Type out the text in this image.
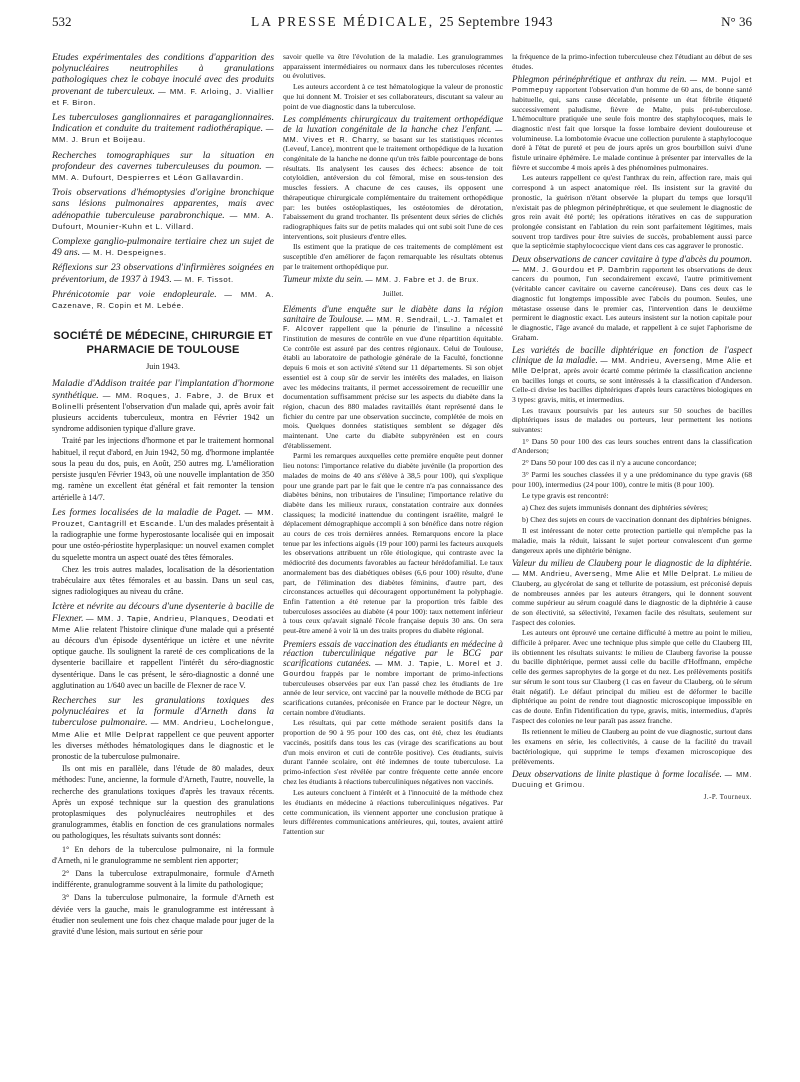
532	LA PRESSE MÉDICALE, 25 Septembre 1943	N° 36

Etudes expérimentales des conditions d'apparition des polynucléaires neutrophiles à granulations pathologiques chez le cobaye inoculé avec des produits provenant de tuberculeux. — MM. F. Arloing, J. Viallier et F. Biron.

Les tuberculoses ganglionnaires et paraganglionnaires. Indication et conduite du traitement radiothérapique. — MM. J. Brun et Boijeau.

Recherches tomographiques sur la situation en profondeur des cavernes tuberculeuses du poumon. — MM. A. Dufourt, Despierres et Léon Gallavardin.

Trois observations d'hémoptysies d'origine bronchique sans lésions pulmonaires apparentes, mais avec adénopathie tuberculeuse parabronchique. — MM. A. Dufourt, Mounier-Kuhn et L. Villard.

Complexe ganglio-pulmonaire tertiaire chez un sujet de 49 ans. — M. H. Despeignes.

Réflexions sur 23 observations d'infirmières soignées en préventorium, de 1937 à 1943. — M. F. Tissot.

Phrénicotomie par voie endopleurale. — MM. A. Cazenave, R. Copin et M. Lebée.

SOCIÉTÉ DE MÉDECINE, CHIRURGIE ET PHARMACIE DE TOULOUSE

Juin 1943.

Maladie d'Addison traitée par l'implantation d'hormone synthétique. — MM. Roques, J. Fabre, J. de Brux et Bolinelli présentent l'observation d'un malade qui, après avoir fait plusieurs accidents tuberculeux, montra en Février 1942 un syndrome addisonien typique d'allure grave.

Traité par les injections d'hormone et par le traitement hormonal habituel, il reçut d'abord, en Juin 1942, 50 mg. d'hormone implantée sous la peau du dos, puis, en Août, 250 autres mg. L'amélioration persiste jusqu'en Février 1943, où une nouvelle implantation de 350 mg. ramène un excellent état général et fait remonter la tension artérielle à 14/7.

Les formes localisées de la maladie de Paget. — MM. Prouzet, Cantagrill et Escande. L'un des malades présentait à la radiographie une forme hyperostosante localisée qui en imposait pour une ostéo-périostite hyperplasique: un nouvel examen complet du squelette montra un aspect ouaté des têtes fémorales.

Chez les trois autres malades, localisation de la désorientation trabéculaire aux têtes fémorales et au bassin. Dans un seul cas, signes radiologiques au niveau du crâne.

Ictère et névrite au décours d'une dysenterie à bacille de Flexner. — MM. J. Tapie, Andrieu, Planques, Deodati et Mme Alie relatent l'histoire clinique d'une malade qui a présenté au décours d'un épisode dysentérique un ictère et une névrite optique gauche. Ils soulignent la rareté de ces complications de la dysenterie bacillaire et rappellent l'intérêt du séro-diagnostic dysentérique. Dans le cas présent, le séro-diagnostic a donné une agglutination au 1/640 avec un bacille de Flexner de race V.

Recherches sur les granulations toxiques des polynucléaires et la formule d'Arneth dans la tuberculose pulmonaire. — MM. Andrieu, Lochelongue, Mme Alie et Mlle Delprat rappellent ce que peuvent apporter les diverses méthodes hématologiques dans le diagnostic et le pronostic de la tuberculose pulmonaire.

Ils ont mis en parallèle, dans l'étude de 80 malades, deux méthodes: l'une, ancienne, la formule d'Arneth, l'autre, nouvelle, la recherche des granulations toxiques d'après les travaux récents. Après un exposé technique sur la question des granulations protoplasmiques des polynucléaires neutrophiles et des granulogrammes, établis en fonction de ces granulations normales ou pathologiques, les résultats suivants sont donnés:

1° En dehors de la tuberculose pulmonaire, ni la formule d'Arneth, ni le granulogramme ne semblent rien apporter;

2° Dans la tuberculose extrapulmonaire, formule d'Arneth indifférente, granulogramme souvent à la limite du pathologique;

3° Dans la tuberculose pulmonaire, la formule d'Arneth est déviée vers la gauche, mais le granulogramme est intéressant à étudier non seulement une fois chez chaque malade pour juger de la gravité d'une lésion, mais surtout en série pour

savoir quelle va être l'évolution de la maladie. Les granulogrammes apparaissent intermédiaires ou normaux dans les tuberculoses récentes ou évolutives.

Les auteurs accordent à ce test hématologique la valeur de pronostic que lui donnent M. Troisier et ses collaborateurs, discutant sa valeur au point de vue diagnostic dans la tuberculose.

Les compléments chirurgicaux du traitement orthopédique de la luxation congénitale de la hanche chez l'enfant. — MM. Vives et R. Charry, se basant sur les statistiques récentes (Leveuf, Lance), montrent que le traitement orthopédique de la luxation congénitale de la hanche ne donne qu'un très faible pourcentage de bons résultats. Ils analysent les causes des échecs: absence de toit cotyloïdien, antéversion du col fémoral, mise en sous-tension des muscles fessiers. A chacune de ces causes, ils opposent une thérapeutique chirurgicale complémentaire du traitement orthopédique par: les butées ostéoplastiques, les ostéotomies de dérotation, l'abaissement du grand trochanter. Ils présentent deux séries de clichés radiographiques faits sur de petits malades qui ont subi soit l'une de ces interventions, soit plusieurs d'entre elles.

Ils estiment que la pratique de ces traitements de complément est susceptible d'en améliorer de façon remarquable les résultats obtenus par le traitement orthopédique pur.

Tumeur mixte du sein. — MM. J. Fabre et J. de Brux.

Juillet.

Eléments d'une enquête sur le diabète dans la région sanitaire de Toulouse. — MM. R. Sendrail, L.-J. Tamalet et F. Alcover rappellent que la pénurie de l'insuline a nécessité l'institution de mesures de contrôle en vue d'une répartition équitable. Ce contrôle est assuré par des centres régionaux. Celui de Toulouse, établi au laboratoire de pathologie générale de la Faculté, fonctionne depuis 6 mois et son activité s'étend sur 11 départements. Si son objet essentiel est à coup sûr de servir les intérêts des malades, en liaison avec les médecins traitants, il permet accessoirement de recueillir une documentation suffisamment précise sur les aspects du diabète dans la région, chacun des 880 malades ravitaillés étant représenté dans le fichier du centre par une observation succincte, complétée de mois en mois. Quelques données statistiques semblent se dégager dès maintenant. Une carte du diabète subpyrénéen est en cours d'établissement.

Parmi les remarques auxquelles cette première enquête peut donner lieu notons: l'importance relative du diabète juvénile (la proportion des malades de moins de 40 ans s'élève à 38,5 pour 100), qui s'explique pour une grande part par le fait que le centre n'a pas connaissance des diabètes bénins, non tributaires de l'insuline; l'importance relative du diabète dans les milieux ruraux, constatation contraire aux données classiques; la modicité inattendue du contingent israélite, malgré le déplacement démographique accompli à son bénéfice dans notre région au cours de ces trois dernières années. Remarquons encore la place tenue par les infections aiguës (19 pour 100) parmi les facteurs auxquels les observations attribuent un rôle étiologique, qui contraste avec la médiocrité des documents favorables au facteur hérédofamilial. Le taux anormalement bas des diabétiques obèses (6,6 pour 100) résulte, d'une part, de l'élimination des diabètes féminins, d'autre part, des circonstances actuelles qui découragent opportunément la polyphagie. Enfin l'attention a été retenue par la proportion très faible des tuberculoses associées au diabète (4 pour 100): taux nettement inférieur à tous ceux qu'avait signalé l'école française depuis 30 ans. On sera peut-être amené à voir là un des traits propres du diabète régional.

Premiers essais de vaccination des étudiants en médecine à réaction tuberculinique négative par le BCG par scarifications cutanées. — MM. J. Tapie, L. Morel et J. Gourdou frappés par le nombre important de primo-infections tuberculeuses observées par eux l'an passé chez les étudiants de 1re année de leur service, ont vacciné par la nouvelle méthode de BCG par scarifications cutanées, préconisée en France par le docteur Nègre, un certain nombre d'étudiants.

Les résultats, qui par cette méthode seraient positifs dans la proportion de 90 à 95 pour 100 des cas, ont été, chez les étudiants vaccinés, positifs dans tous les cas (virage des scarifications au bout d'un mois environ et cuti de contrôle positive). Ces étudiants, suivis durant l'année scolaire, ont été indemnes de toute tuberculose. La primo-infection s'est révélée par contre fréquente cette année encore chez les étudiants à réactions tuberculiniques négatives non vaccinés.

Les auteurs concluent à l'intérêt et à l'innocuité de la méthode chez les étudiants en médecine à réactions tuberculiniques négatives. Par cette communication, ils viennent apporter une conclusion pratique à leurs différentes communications antérieures, qui, toutes, avaient attiré l'attention sur

la fréquence de la primo-infection tuberculeuse chez l'étudiant au début de ses études.

Phlegmon périnéphrétique et anthrax du rein. — MM. Pujol et Pommepuy rapportent l'observation d'un homme de 60 ans, de bonne santé habituelle, qui, sans cause décelable, présente un état fébrile étiqueté successivement paludisme, fièvre de Malte, puis pré-tuberculose. L'hémoculture pratiquée une seule fois montre des staphylocoques, mais le diagnostic n'est fait que lorsque la fosse lombaire devient douloureuse et volumineuse. La lombotomie évacue une collection purulente à staphylocoque doré à l'état de pureté et peu de jours après un gros bourbillon suivi d'une fistule urinaire éphémère. Le malade continue à présenter par intervalles de la fièvre et succombe 4 mois après à des phénomènes pulmonaires.

Les auteurs rappellent ce qu'est l'anthrax du rein, affection rare, mais qui correspond à un aspect anatomique réel. Ils insistent sur la gravité du pronostic, la guérison n'étant observée la plupart du temps que lorsqu'il n'existait pas de phlegmon périnéphrétique, et que seulement le diagnostic de gros rein avait été porté; les opérations itératives en cas de suppuration prolongée consistant en l'ablation du rein sont parfaitement légitimes, mais souvent trop tardives pour être suivies de succès, probablement aussi parce que la septicémie staphylococcique vient dans ces cas aggraver le pronostic.

Deux observations de cancer cavitaire à type d'abcès du poumon. — MM. J. Gourdou et P. Dambrin rapportent les observations de deux cancers du poumon, l'un secondairement excavé, l'autre primitivement (véritable cancer cavitaire ou caverne cancéreuse). Dans ces deux cas le diagnostic fut longtemps impossible avec l'abcès du poumon. Seules, une métastase osseuse dans le premier cas, l'intervention dans le deuxième permirent le diagnostic exact. Les auteurs insistent sur la notion capitale pour le diagnostic, l'âge avancé du malade, et rappellent à ce sujet l'aphorisme de Graham.

Les variétés de bacille diphtérique en fonction de l'aspect clinique de la maladie. — MM. Andrieu, Averseng, Mme Alie et Mlle Delprat, après avoir écarté comme périmée la classification ancienne en bacilles longs et courts, se sont intéressés à la classification d'Anderson. Celle-ci divise les bacilles diphtériques d'après leurs caractères biologiques en 3 types: gravis, mitis, et intermedius.

Les travaux poursuivis par les auteurs sur 50 souches de bacilles diphtériques issus de malades ou porteurs, leur permettent les notions suivantes:

1° Dans 50 pour 100 des cas leurs souches entrent dans la classification d'Anderson;

2° Dans 50 pour 100 des cas il n'y a aucune concordance;

3° Parmi les souches classées il y a une prédominance du type gravis (68 pour 100), intermedius (24 pour 100), contre le mitis (8 pour 100).

Le type gravis est rencontré:

a) Chez des sujets immunisés donnant des diphtéries sévères;

b) Chez des sujets en cours de vaccination donnant des diphtéries bénignes.

Il est intéressant de noter cette protection partielle qui n'empêche pas la maladie, mais la réduit, laissant le sujet porteur convalescent d'un germe dangereux après une diphtérie bénigne.

Valeur du milieu de Clauberg pour le diagnostic de la diphtérie. — MM. Andrieu, Averseng, Mme Alie et Mlle Delprat. Le milieu de Clauberg, au glycérolat de sang et tellurite de potassium, est préconisé depuis de nombreuses années par les auteurs étrangers, qui le donnent souvent comme supérieur au sérum coagulé dans le diagnostic de la diphtérie à cause de son électivité, sa sélectivité, l'examen facile des résultats, seulement sur l'aspect des colonies.

Les auteurs ont éprouvé une certaine difficulté à mettre au point le milieu, difficile à préparer. Avec une technique plus simple que celle du Clauberg III, ils obtiennent les résultats suivants: le milieu de Clauberg favorise la pousse du bacille diphtérique, permet aussi celle du bacille d'Hoffmann, empêche celle des germes saprophytes de la gorge et du nez. Les prélèvements positifs sur sérum le sont tous sur Clauberg (1 cas en faveur du Clauberg, où le sérum était négatif). Le défaut principal du milieu est de déformer le bacille diphtérique au point de rendre tout diagnostic microscopique impossible en cas de doute. Enfin l'identification du type, gravis, mitis, intermedius, d'après l'aspect des colonies ne leur paraît pas assez franche.

Ils retiennent le milieu de Clauberg au point de vue diagnostic, surtout dans les examens en série, les collectivités, à cause de la facilité du travail bactériologique, qui supprime le temps d'examen microscopique des prélèvements.

Deux observations de linite plastique à forme localisée. — MM. Ducuing et Grimou.

J.-P. Tourneux.
